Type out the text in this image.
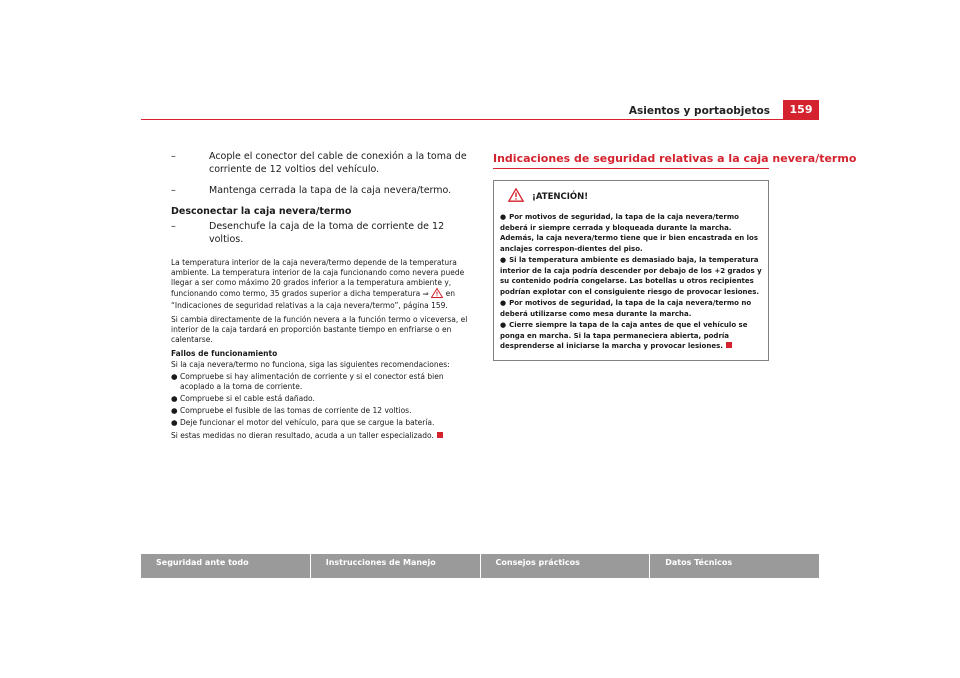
Asientos y portaobjetos	159
–	Acople el conector del cable de conexión a la toma de corriente de 12 voltios del vehículo.
–	Mantenga cerrada la tapa de la caja nevera/termo.
Desconectar la caja nevera/termo
–	Desenchufe la caja de la toma de corriente de 12 voltios.

La temperatura interior de la caja nevera/termo depende de la temperatura ambiente. La temperatura interior de la caja funcionando como nevera puede llegar a ser como máximo 20 grados inferior a la temperatura ambiente y, funcionando como termo, 35 grados superior a dicha temperatura ⇒  en “Indicaciones de seguridad relativas a la caja nevera/termo”, página 159.

Si cambia directamente de la función nevera a la función termo o viceversa, el interior de la caja tardará en proporción bastante tiempo en enfriarse o en calentarse.

Fallos de funcionamiento

Si la caja nevera/termo no funciona, siga las siguientes recomendaciones:

● Compruebe si hay alimentación de corriente y si el conector está bien acoplado a la toma de corriente.
● Compruebe si el cable está dañado.
● Compruebe el fusible de las tomas de corriente de 12 voltios.
● Deje funcionar el motor del vehículo, para que se cargue la batería.

Si estas medidas no dieran resultado, acuda a un taller especializado.

Indicaciones de seguridad relativas a la caja nevera/termo
¡ATENCIÓN!
● Por motivos de seguridad, la tapa de la caja nevera/termo deberá ir siempre cerrada y bloqueada durante la marcha. Además, la caja nevera/termo tiene que ir bien encastrada en los anclajes correspon-dientes del piso.
● Si la temperatura ambiente es demasiado baja, la temperatura interior de la caja podría descender por debajo de los +2 grados y su contenido podría congelarse. Las botellas u otros recipientes podrían explotar con el consiguiente riesgo de provocar lesiones.
● Por motivos de seguridad, la tapa de la caja nevera/termo no deberá utilizarse como mesa durante la marcha.
● Cierre siempre la tapa de la caja antes de que el vehículo se ponga en marcha. Si la tapa permaneciera abierta, podría desprenderse al iniciarse la marcha y provocar lesiones.
Seguridad ante todo	Instrucciones de Manejo	Consejos prácticos	Datos Técnicos
